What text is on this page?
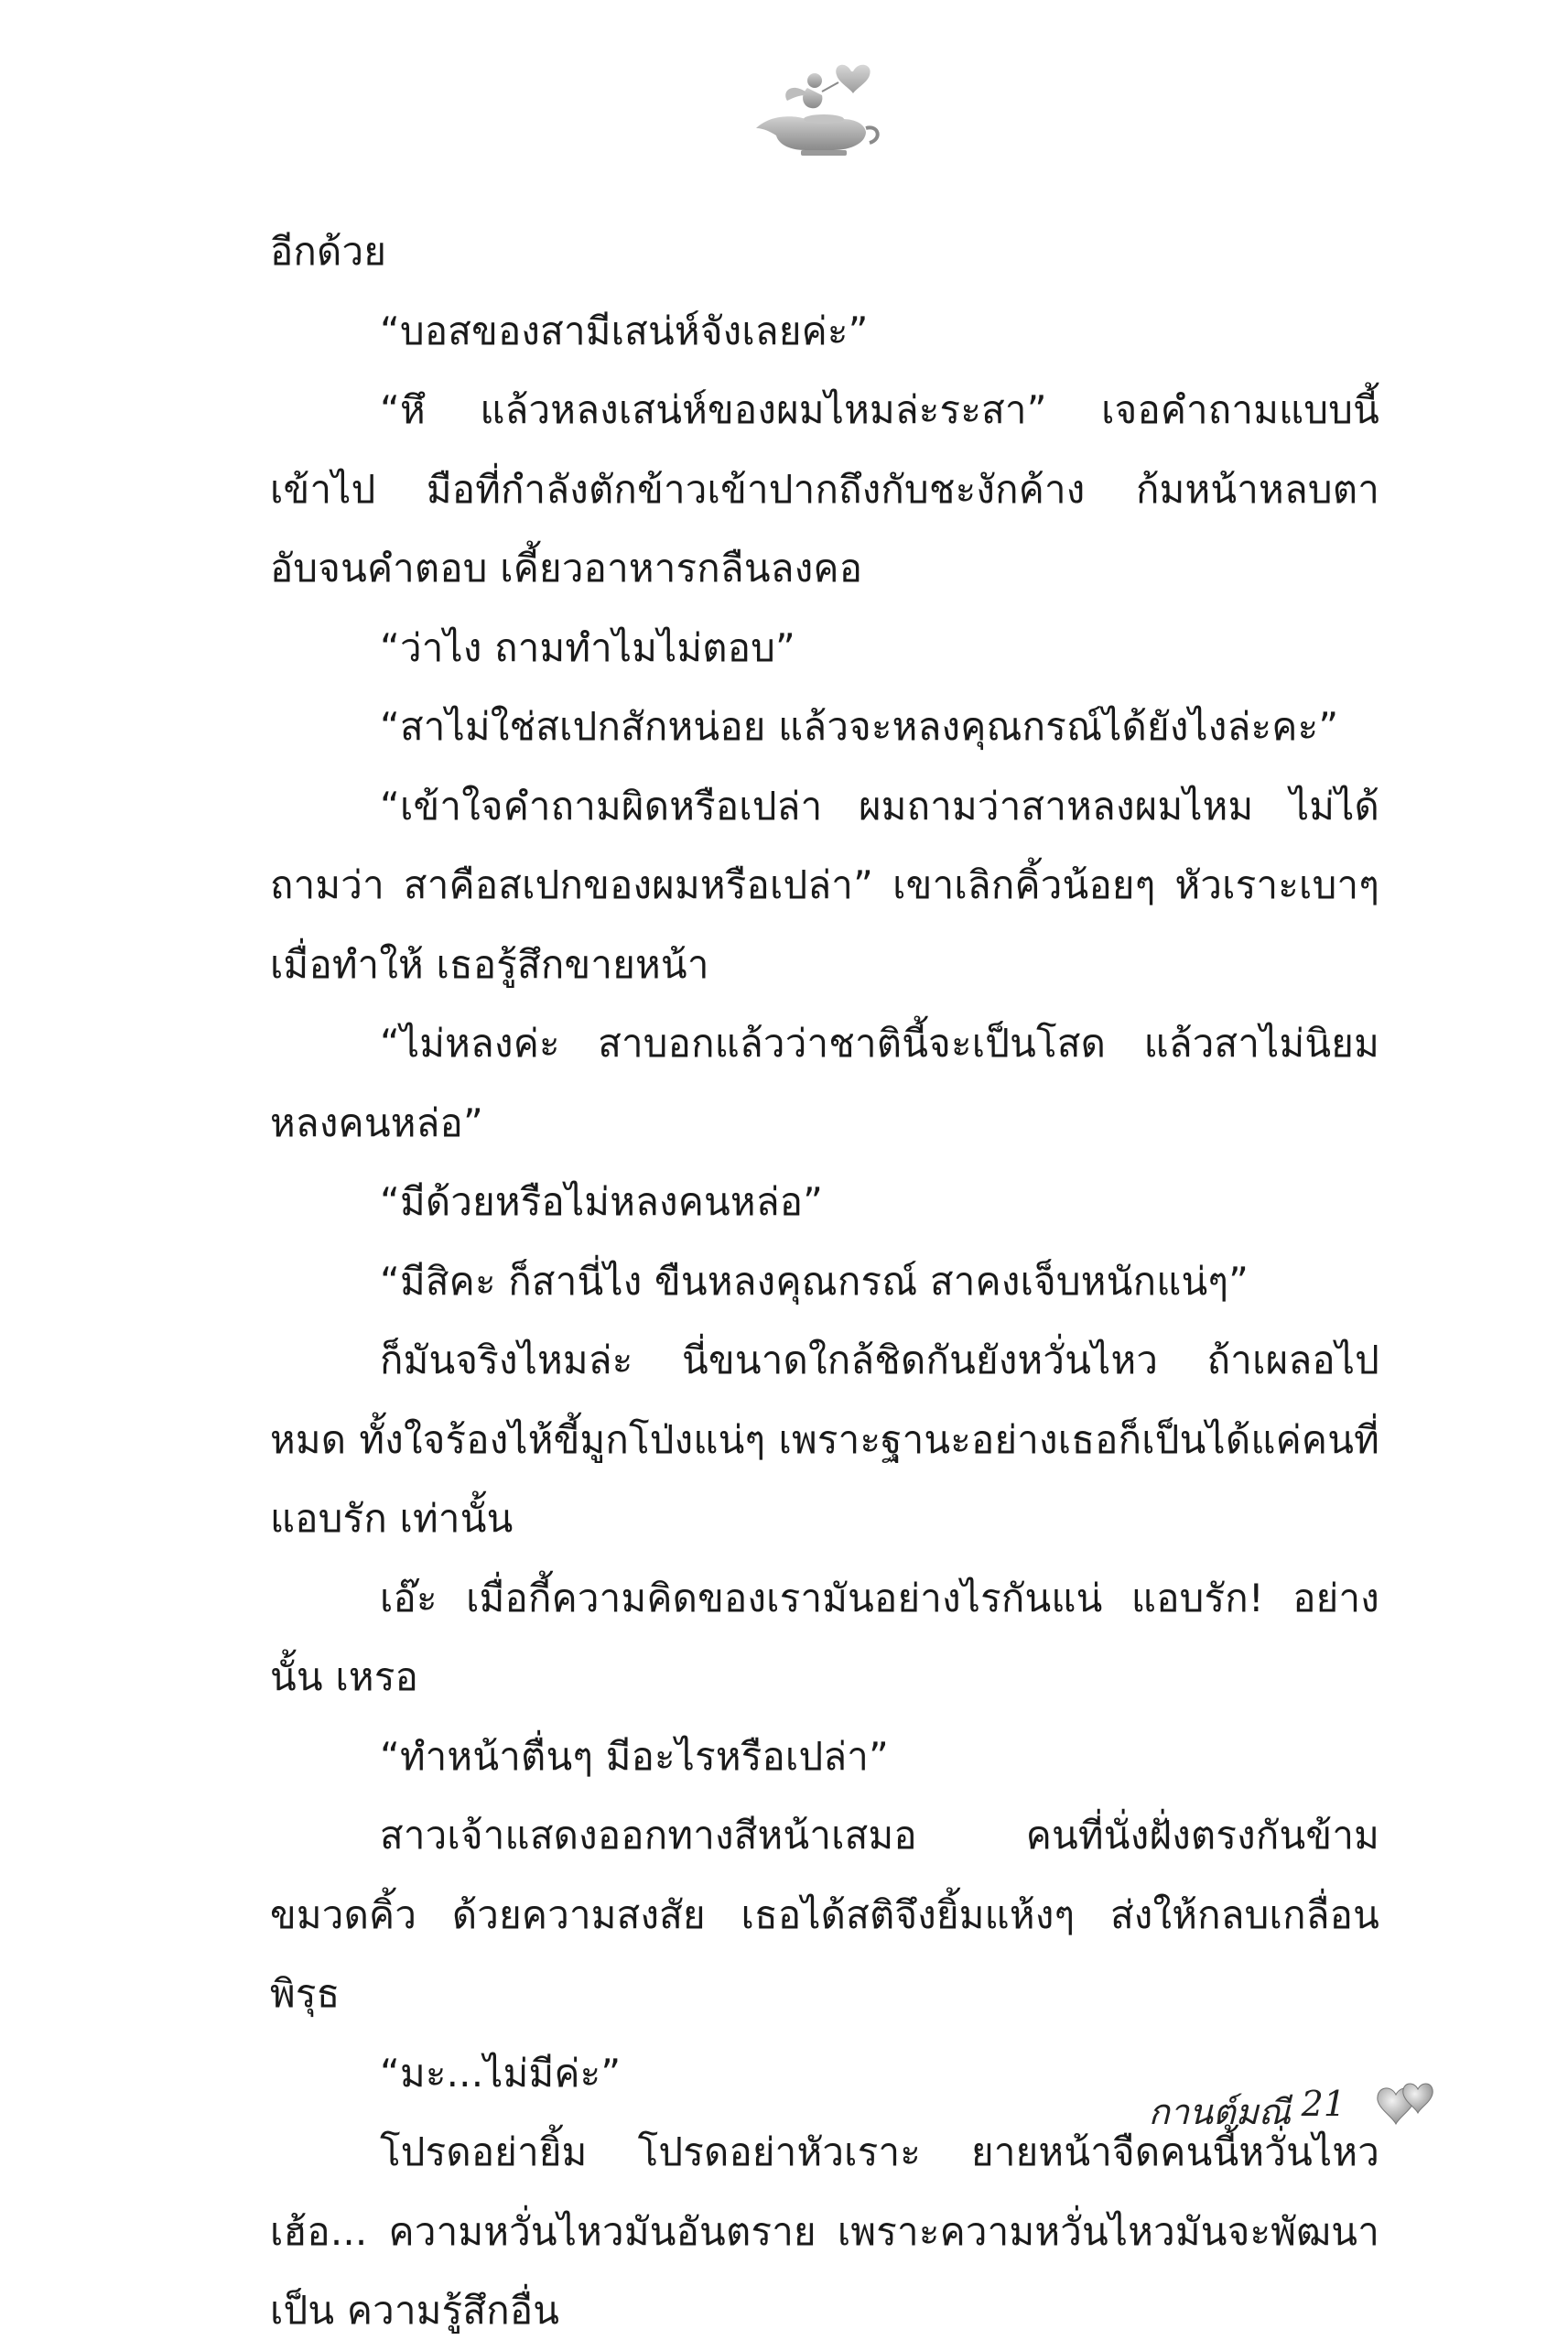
อีกด้วย

“บอสของสามีเสน่ห์จังเลยค่ะ”

“หึ แล้วหลงเสน่ห์ของผมไหมล่ะระสา” เจอคำถามแบบนี้เข้าไป มือที่กำลังตักข้าวเข้าปากถึงกับชะงักค้าง ก้มหน้าหลบตาอับจนคำตอบ เคี้ยวอาหารกลืนลงคอ

“ว่าไง ถามทำไมไม่ตอบ”

“สาไม่ใช่สเปกสักหน่อย แล้วจะหลงคุณกรณ์ได้ยังไงล่ะคะ”

“เข้าใจคำถามผิดหรือเปล่า ผมถามว่าสาหลงผมไหม ไม่ได้ถามว่า สาคือสเปกของผมหรือเปล่า” เขาเลิกคิ้วน้อยๆ หัวเราะเบาๆ เมื่อทำให้ เธอรู้สึกขายหน้า

“ไม่หลงค่ะ สาบอกแล้วว่าชาตินี้จะเป็นโสด แล้วสาไม่นิยม หลงคนหล่อ”

“มีด้วยหรือไม่หลงคนหล่อ”

“มีสิคะ ก็สานี่ไง ขืนหลงคุณกรณ์ สาคงเจ็บหนักแน่ๆ”

ก็มันจริงไหมล่ะ นี่ขนาดใกล้ชิดกันยังหวั่นไหว ถ้าเผลอไปหมด ทั้งใจร้องไห้ขี้มูกโป่งแน่ๆ เพราะฐานะอย่างเธอก็เป็นได้แค่คนที่แอบรัก เท่านั้น

เอ๊ะ เมื่อกี้ความคิดของเรามันอย่างไรกันแน่ แอบรัก! อย่างนั้น เหรอ

“ทำหน้าตื่นๆ มีอะไรหรือเปล่า”

สาวเจ้าแสดงออกทางสีหน้าเสมอ คนที่นั่งฝั่งตรงกันข้ามขมวดคิ้ว ด้วยความสงสัย เธอได้สติจึงยิ้มแห้งๆ ส่งให้กลบเกลื่อนพิรุธ

“มะ...ไม่มีค่ะ”

โปรดอย่ายิ้ม โปรดอย่าหัวเราะ ยายหน้าจืดคนนี้หวั่นไหว เฮ้อ... ความหวั่นไหวมันอันตราย เพราะความหวั่นไหวมันจะพัฒนาเป็น ความรู้สึกอื่น

กานต์มณี 21
